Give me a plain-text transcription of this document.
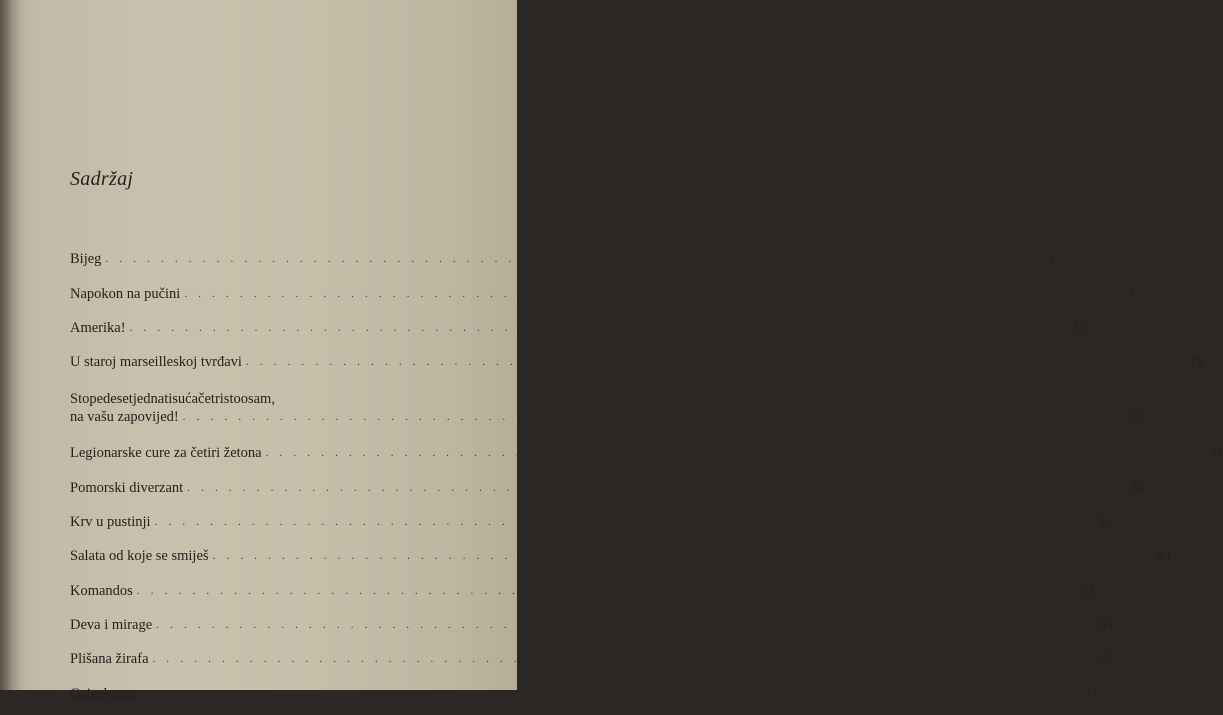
Sadržaj
Bijeg . . . . . . . . . . . . . . . . . . . . . . . . . . . . . . . . . . . . . . . . . . . . . . . . . . . . . . . . . . . . . . . . . . . . 1
Napokon na pučini . . . . . . . . . . . . . . . . . . . . . . . . . . . . . . . . . . . . . . . . . . . . . . . . . . . . . . . . . . . . . . . . . . . . 7
Amerika! . . . . . . . . . . . . . . . . . . . . . . . . . . . . . . . . . . . . . . . . . . . . . . . . . . . . . . . . . . . . . . . . . . . . 13
U staroj marseilleskoj tvrđavi . . . . . . . . . . . . . . . . . . . . . . . . . . . . . . . . . . . . . . . . . . . . . . . . . . . . . . . . . . . . . . . . . . . . 19
Stopedesetjednatisućačetristoosam,
na vašu zapovijed! . . . . . . . . . . . . . . . . . . . . . . . . . . . . . . . . . . . . . . . . . . . . . . . . . . . . . . . . . . . . . . . . . . . . 25
Legionarske cure za četiri žetona . . . . . . . . . . . . . . . . . . . . . . . . . . . . . . . . . . . . . . . . . . . . . . . . . . . . . . . . . . . . . . . . . . . . 31
Pomorski diverzant . . . . . . . . . . . . . . . . . . . . . . . . . . . . . . . . . . . . . . . . . . . . . . . . . . . . . . . . . . . . . . . . . . . . 35
Krv u pustinji . . . . . . . . . . . . . . . . . . . . . . . . . . . . . . . . . . . . . . . . . . . . . . . . . . . . . . . . . . . . . . . . . . . . 41
Salata od koje se smiješ . . . . . . . . . . . . . . . . . . . . . . . . . . . . . . . . . . . . . . . . . . . . . . . . . . . . . . . . . . . . . . . . . . . . 49
Komandos . . . . . . . . . . . . . . . . . . . . . . . . . . . . . . . . . . . . . . . . . . . . . . . . . . . . . . . . . . . . . . . . . . . . 53
Deva i mirage . . . . . . . . . . . . . . . . . . . . . . . . . . . . . . . . . . . . . . . . . . . . . . . . . . . . . . . . . . . . . . . . . . . . 61
Plišana žirafa . . . . . . . . . . . . . . . . . . . . . . . . . . . . . . . . . . . . . . . . . . . . . . . . . . . . . . . . . . . . . . . . . . . . 65
Gainsbourg . . . . . . . . . . . . . . . . . . . . . . . . . . . . . . . . . . . . . . . . . . . . . . . . . . . . . . . . . . . . . . . . . . . . 71
